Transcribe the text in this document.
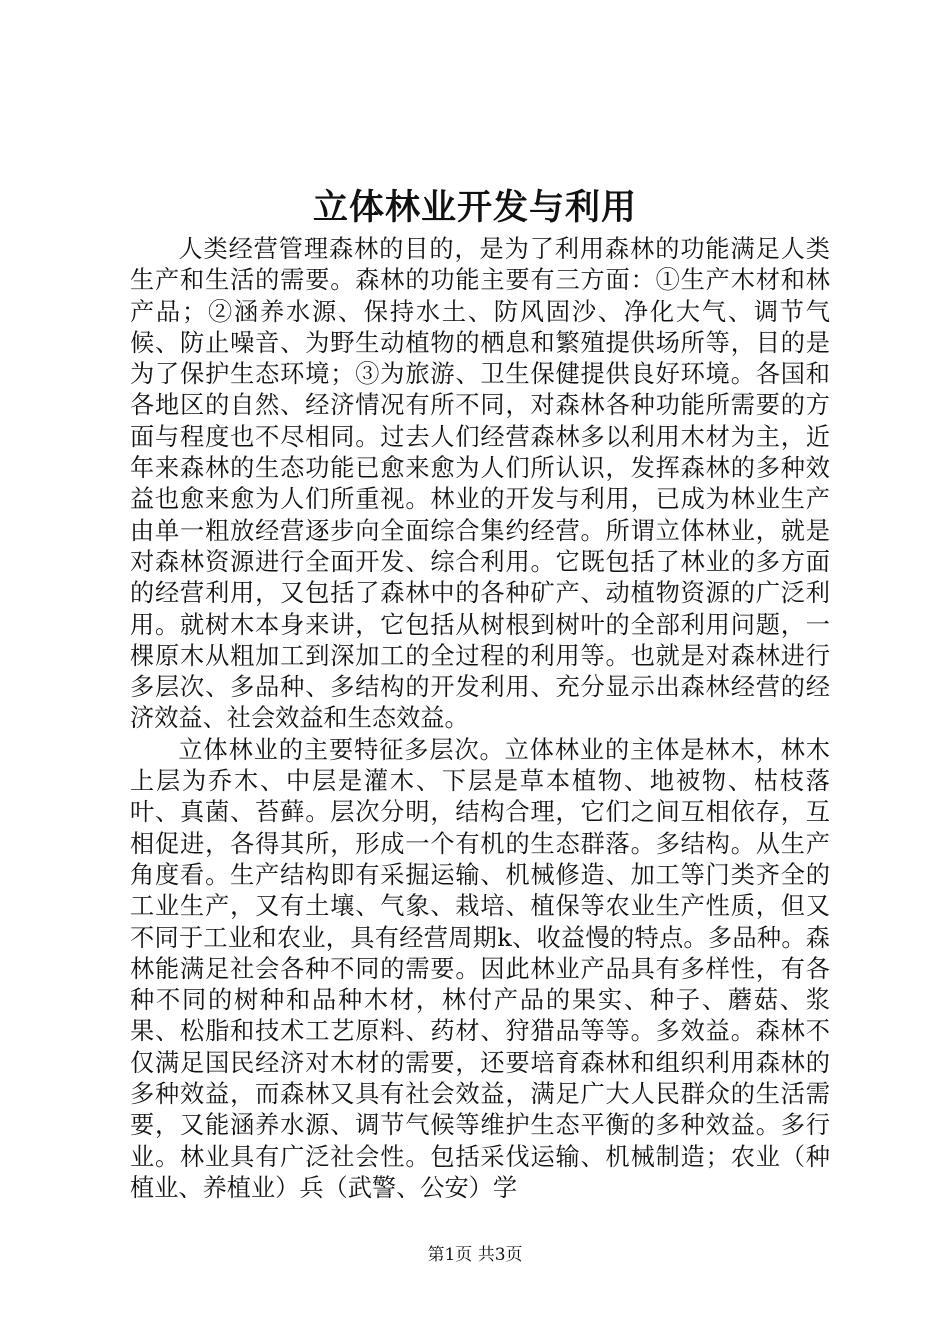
立体林业开发与利用

人类经营管理森林的目的，是为了利用森林的功能满足人类生产和生活的需要。森林的功能主要有三方面：①生产木材和林产品；②涵养水源、保持水土、防风固沙、净化大气、调节气候、防止噪音、为野生动植物的栖息和繁殖提供场所等，目的是为了保护生态环境；③为旅游、卫生保健提供良好环境。各国和各地区的自然、经济情况有所不同，对森林各种功能所需要的方面与程度也不尽相同。过去人们经营森林多以利用木材为主，近年来森林的生态功能已愈来愈为人们所认识，发挥森林的多种效益也愈来愈为人们所重视。林业的开发与利用，已成为林业生产由单一粗放经营逐步向全面综合集约经营。所谓立体林业，就是对森林资源进行全面开发、综合利用。它既包括了林业的多方面的经营利用，又包括了森林中的各种矿产、动植物资源的广泛利用。就树木本身来讲，它包括从树根到树叶的全部利用问题，一棵原木从粗加工到深加工的全过程的利用等。也就是对森林进行多层次、多品种、多结构的开发利用、充分显示出森林经营的经济效益、社会效益和生态效益。

立体林业的主要特征多层次。立体林业的主体是林木，林木上层为乔木、中层是灌木、下层是草本植物、地被物、枯枝落叶、真菌、苔藓。层次分明，结构合理，它们之间互相依存，互相促进，各得其所，形成一个有机的生态群落。多结构。从生产角度看。生产结构即有采掘运输、机械修造、加工等门类齐全的工业生产，又有土壤、气象、栽培、植保等农业生产性质，但又不同于工业和农业，具有经营周期k、收益慢的特点。多品种。森林能满足社会各种不同的需要。因此林业产品具有多样性，有各种不同的树种和品种木材，林付产品的果实、种子、蘑菇、浆果、松脂和技术工艺原料、药材、狩猎品等等。多效益。森林不仅满足国民经济对木材的需要，还要培育森林和组织利用森林的多种效益，而森林又具有社会效益，满足广大人民群众的生活需要，又能涵养水源、调节气候等维护生态平衡的多种效益。多行业。林业具有广泛社会性。包括采伐运输、机械制造；农业（种植业、养植业）兵（武警、公安）学

第1页 共3页
